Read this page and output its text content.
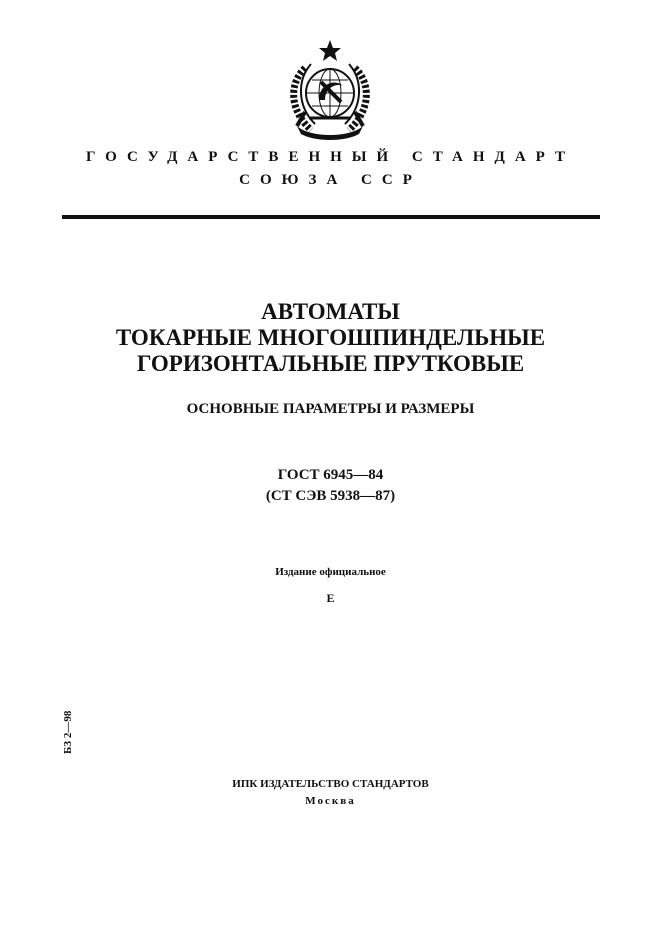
ГОСУДАРСТВЕННЫЙ СТАНДАРТ
СОЮЗА ССР
АВТОМАТЫ
ТОКАРНЫЕ МНОГОШПИНДЕЛЬНЫЕ
ГОРИЗОНТАЛЬНЫЕ ПРУТКОВЫЕ
ОСНОВНЫЕ ПАРАМЕТРЫ И РАЗМЕРЫ
ГОСТ 6945—84
(СТ СЭВ 5938—87)
Издание официальное
Е
БЗ 2—98
ИПК ИЗДАТЕЛЬСТВО СТАНДАРТОВ
Москва
